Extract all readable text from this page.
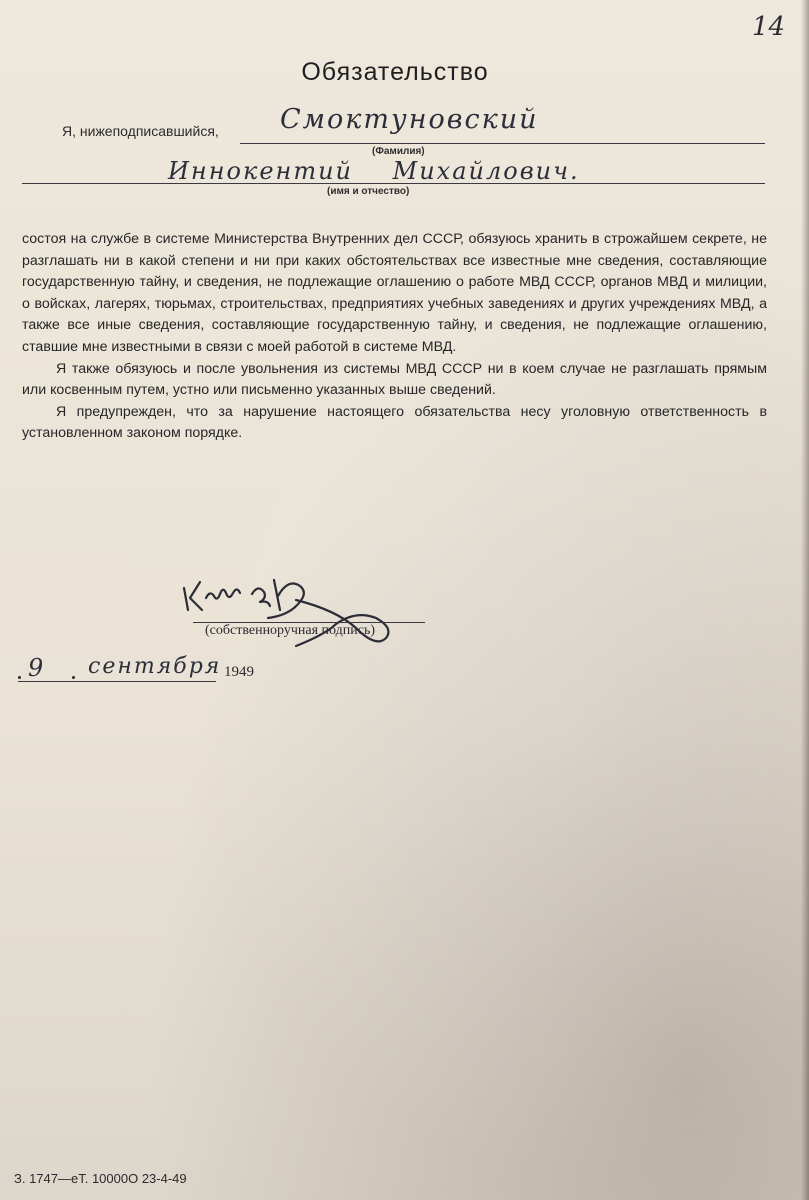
14
Обязательство
Я, нижеподписавшийся, Смоктуновский
(Фамилия)
Иннокентий Михайлович.
(имя и отчество)

состоя на службе в системе Министерства Внутренних дел СССР, обязуюсь хранить в строжайшем секрете, не разглашать ни в какой степени и ни при каких обстоятельствах все известные мне сведения, составляющие государственную тайну, и сведения, не подлежащие оглашению о работе МВД СССР, органов МВД и милиции, о войсках, лагерях, тюрьмах, строительствах, предприятиях учебных заведениях и других учреждениях МВД, а также все иные сведения, составляющие государственную тайну, и сведения, не подлежащие оглашению, ставшие мне известными в связи с моей работой в системе МВД.

Я также обязуюсь и после увольнения из системы МВД СССР ни в коем случае не разглашать прямым или косвенным путем, устно или письменно указанных выше сведений.

Я предупрежден, что за нарушение настоящего обязательства несу уголовную ответственность в установленном законом порядке.

(собственноручная подпись)
9 сентября 1949
З. 1747—еТ. 10000О 23-4-49
